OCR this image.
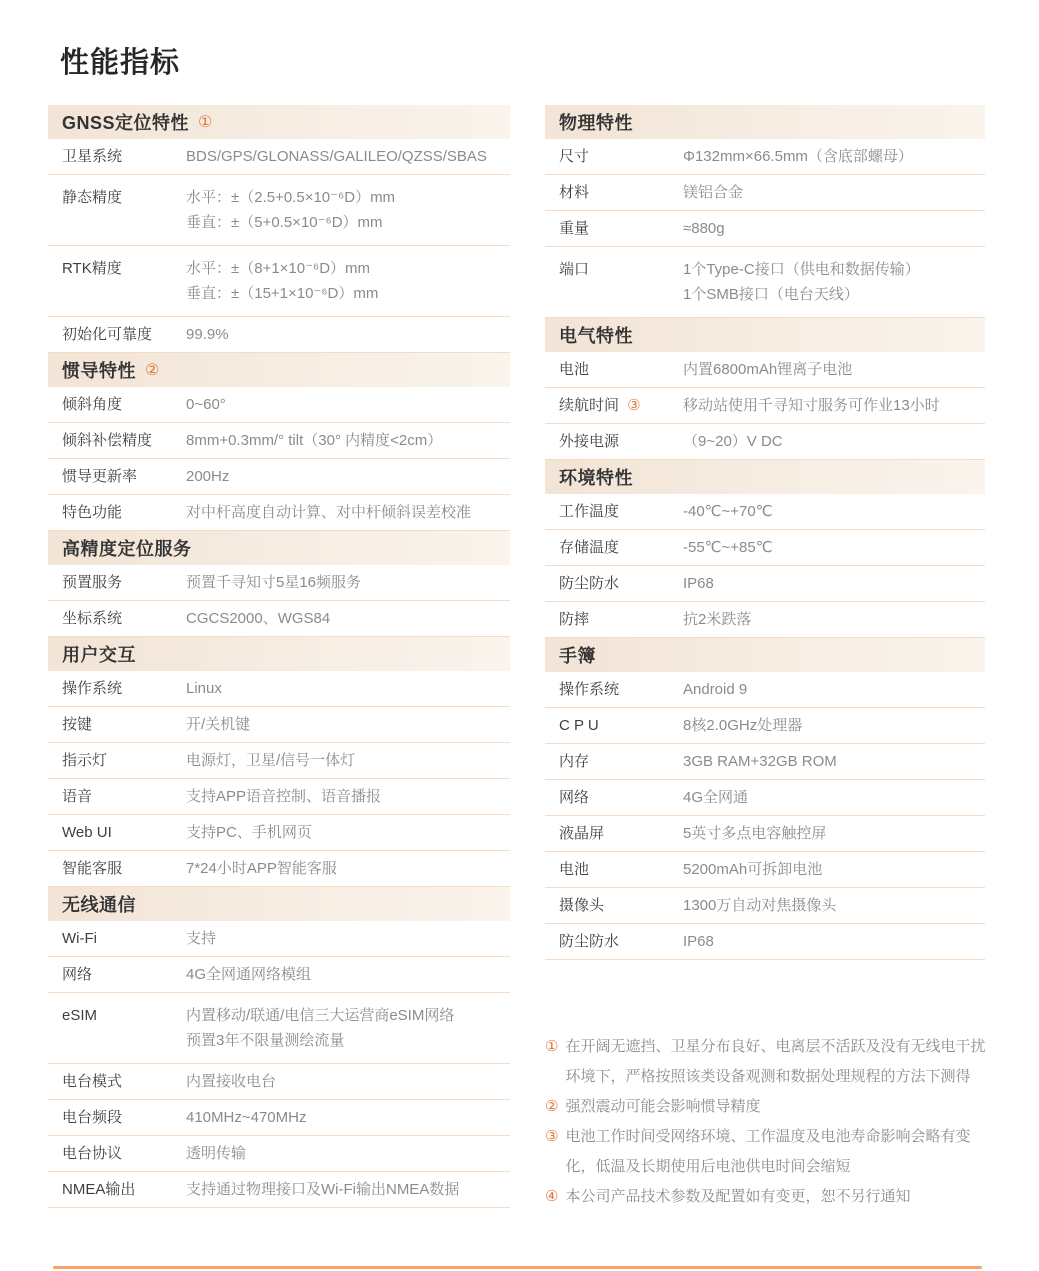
性能指标
GNSS定位特性 ①
卫星系统	BDS/GPS/GLONASS/GALILEO/QZSS/SBAS
静态精度	水平：±（2.5+0.5×10⁻⁶D）mm
垂直：±（5+0.5×10⁻⁶D）mm
RTK精度	水平：±（8+1×10⁻⁶D）mm
垂直：±（15+1×10⁻⁶D）mm
初始化可靠度	99.9%
惯导特性 ②
倾斜角度	0~60°
倾斜补偿精度	8mm+0.3mm/° tilt（30° 内精度<2cm）
惯导更新率	200Hz
特色功能	对中杆高度自动计算、对中杆倾斜误差校准
高精度定位服务
预置服务	预置千寻知寸5星16频服务
坐标系统	CGCS2000、WGS84
用户交互
操作系统	Linux
按键	开/关机键
指示灯	电源灯，卫星/信号一体灯
语音	支持APP语音控制、语音播报
Web UI	支持PC、手机网页
智能客服	7*24小时APP智能客服
无线通信
Wi-Fi	支持
网络	4G全网通网络模组
eSIM	内置移动/联通/电信三大运营商eSIM网络
预置3年不限量测绘流量
电台模式	内置接收电台
电台频段	410MHz~470MHz
电台协议	透明传输
NMEA输出	支持通过物理接口及Wi-Fi输出NMEA数据
物理特性
尺寸	Φ132mm×66.5mm（含底部螺母）
材料	镁铝合金
重量	≈880g
端口	1个Type-C接口（供电和数据传输）
1个SMB接口（电台天线）
电气特性
电池	内置6800mAh锂离子电池
续航时间 ③	移动站使用千寻知寸服务可作业13小时
外接电源	（9~20）V DC
环境特性
工作温度	-40℃~+70℃
存储温度	-55℃~+85℃
防尘防水	IP68
防摔	抗2米跌落
手簿
操作系统	Android 9
C P U	8核2.0GHz处理器
内存	3GB RAM+32GB ROM
网络	4G全网通
液晶屏	5英寸多点电容触控屏
电池	5200mAh可拆卸电池
摄像头	1300万自动对焦摄像头
防尘防水	IP68
① 在开阔无遮挡、卫星分布良好、电离层不活跃及没有无线电干扰环境下，严格按照该类设备观测和数据处理规程的方法下测得
② 强烈震动可能会影响惯导精度
③ 电池工作时间受网络环境、工作温度及电池寿命影响会略有变化，低温及长期使用后电池供电时间会缩短
④ 本公司产品技术参数及配置如有变更，恕不另行通知
